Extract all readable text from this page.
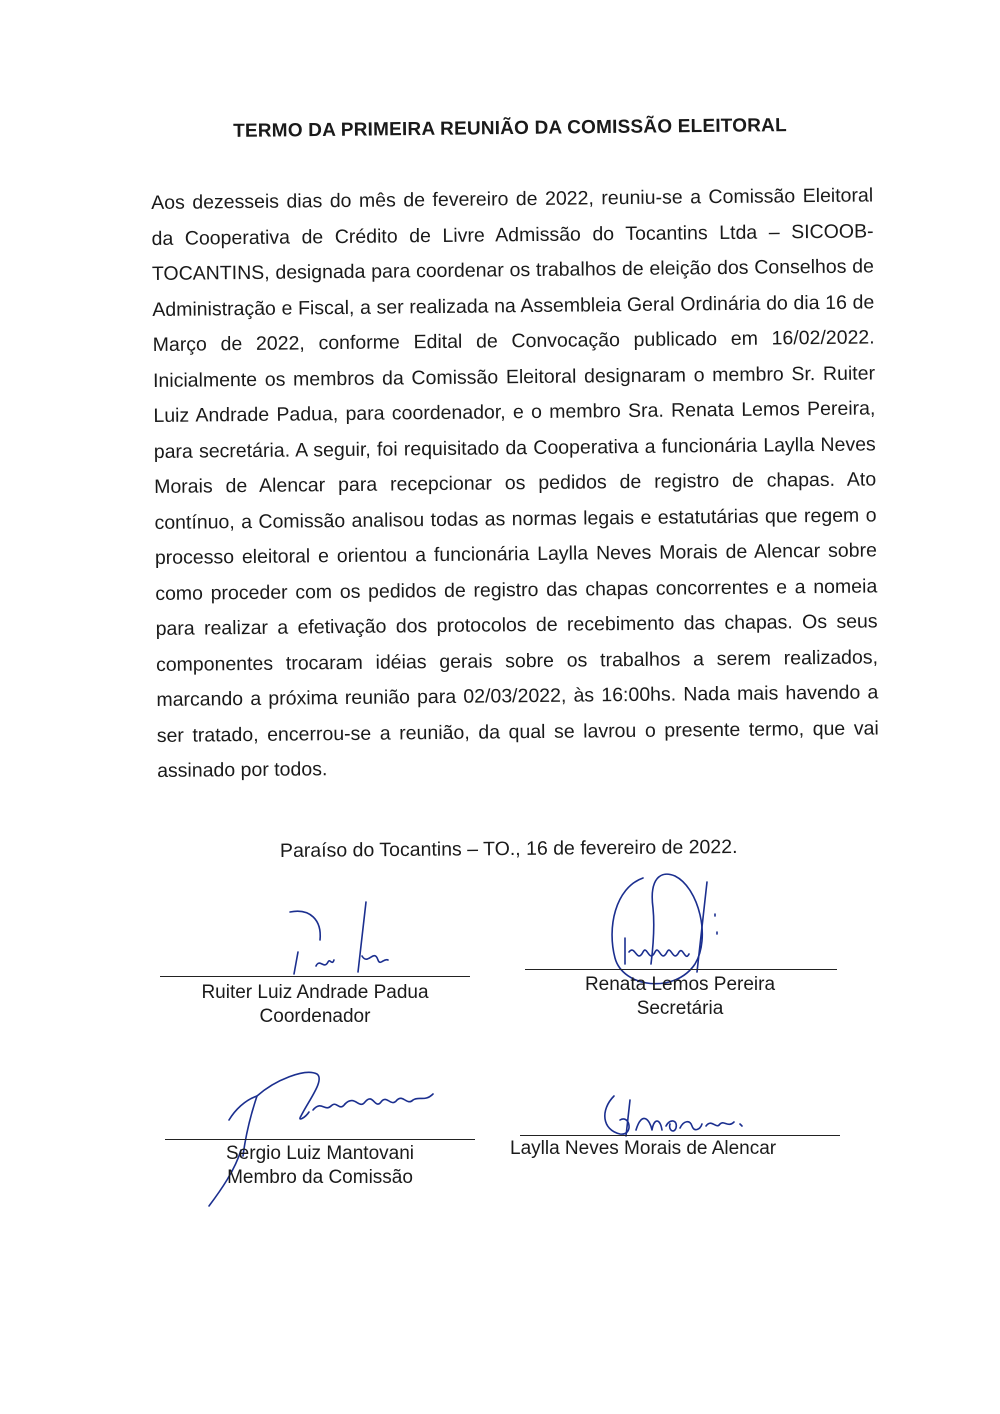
TERMO DA PRIMEIRA REUNIÃO DA COMISSÃO ELEITORAL
Aos dezesseis dias do mês de fevereiro de 2022, reuniu-se a Comissão Eleitoral da Cooperativa de Crédito de Livre Admissão do Tocantins Ltda – SICOOB-TOCANTINS, designada para coordenar os trabalhos de eleição dos Conselhos de Administração e Fiscal, a ser realizada na Assembleia Geral Ordinária do dia 16 de Março de 2022, conforme Edital de Convocação publicado em 16/02/2022. Inicialmente os membros da Comissão Eleitoral designaram o membro Sr. Ruiter Luiz Andrade Padua, para coordenador, e o membro Sra. Renata Lemos Pereira, para secretária. A seguir, foi requisitado da Cooperativa a funcionária Laylla Neves Morais de Alencar para recepcionar os pedidos de registro de chapas. Ato contínuo, a Comissão analisou todas as normas legais e estatutárias que regem o processo eleitoral e orientou a funcionária Laylla Neves Morais de Alencar sobre como proceder com os pedidos de registro das chapas concorrentes e a nomeia para realizar a efetivação dos protocolos de recebimento das chapas. Os seus componentes trocaram idéias gerais sobre os trabalhos a serem realizados, marcando a próxima reunião para 02/03/2022, às 16:00hs. Nada mais havendo a ser tratado, encerrou-se a reunião, da qual se lavrou o presente termo, que vai assinado por todos.
Paraíso do Tocantins – TO., 16 de fevereiro de 2022.
Ruiter Luiz Andrade Padua
Coordenador
Renata Lemos Pereira
Secretária
Sergio Luiz Mantovani
Membro da Comissão
Laylla Neves Morais de Alencar
